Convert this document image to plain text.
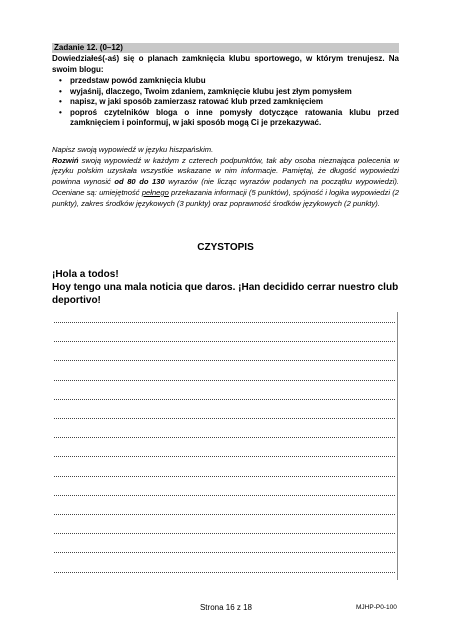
Zadanie 12. (0–12)
Dowiedziałeś(-aś) się o planach zamknięcia klubu sportowego, w którym trenujesz. Na swoim blogu:
• przedstaw powód zamknięcia klubu
• wyjaśnij, dlaczego, Twoim zdaniem, zamknięcie klubu jest złym pomysłem
• napisz, w jaki sposób zamierzasz ratować klub przed zamknięciem
• poproś czytelników bloga o inne pomysły dotyczące ratowania klubu przed zamknięciem i poinformuj, w jaki sposób mogą Ci je przekazywać.

Napisz swoją wypowiedź w języku hiszpańskim.

Rozwiń swoją wypowiedź w każdym z czterech podpunktów, tak aby osoba nieznająca polecenia w języku polskim uzyskała wszystkie wskazane w nim informacje. Pamiętaj, że długość wypowiedzi powinna wynosić od 80 do 130 wyrazów (nie licząc wyrazów podanych na początku wypowiedzi). Oceniane są: umiejętność pełnego przekazania informacji (5 punktów), spójność i logika wypowiedzi (2 punkty), zakres środków językowych (3 punkty) oraz poprawność środków językowych (2 punkty).

CZYSTOPIS

¡Hola a todos!

Hoy tengo una mala noticia que daros. ¡Han decidido cerrar nuestro club deportivo!

Strona 16 z 18	MJHP-P0-100
